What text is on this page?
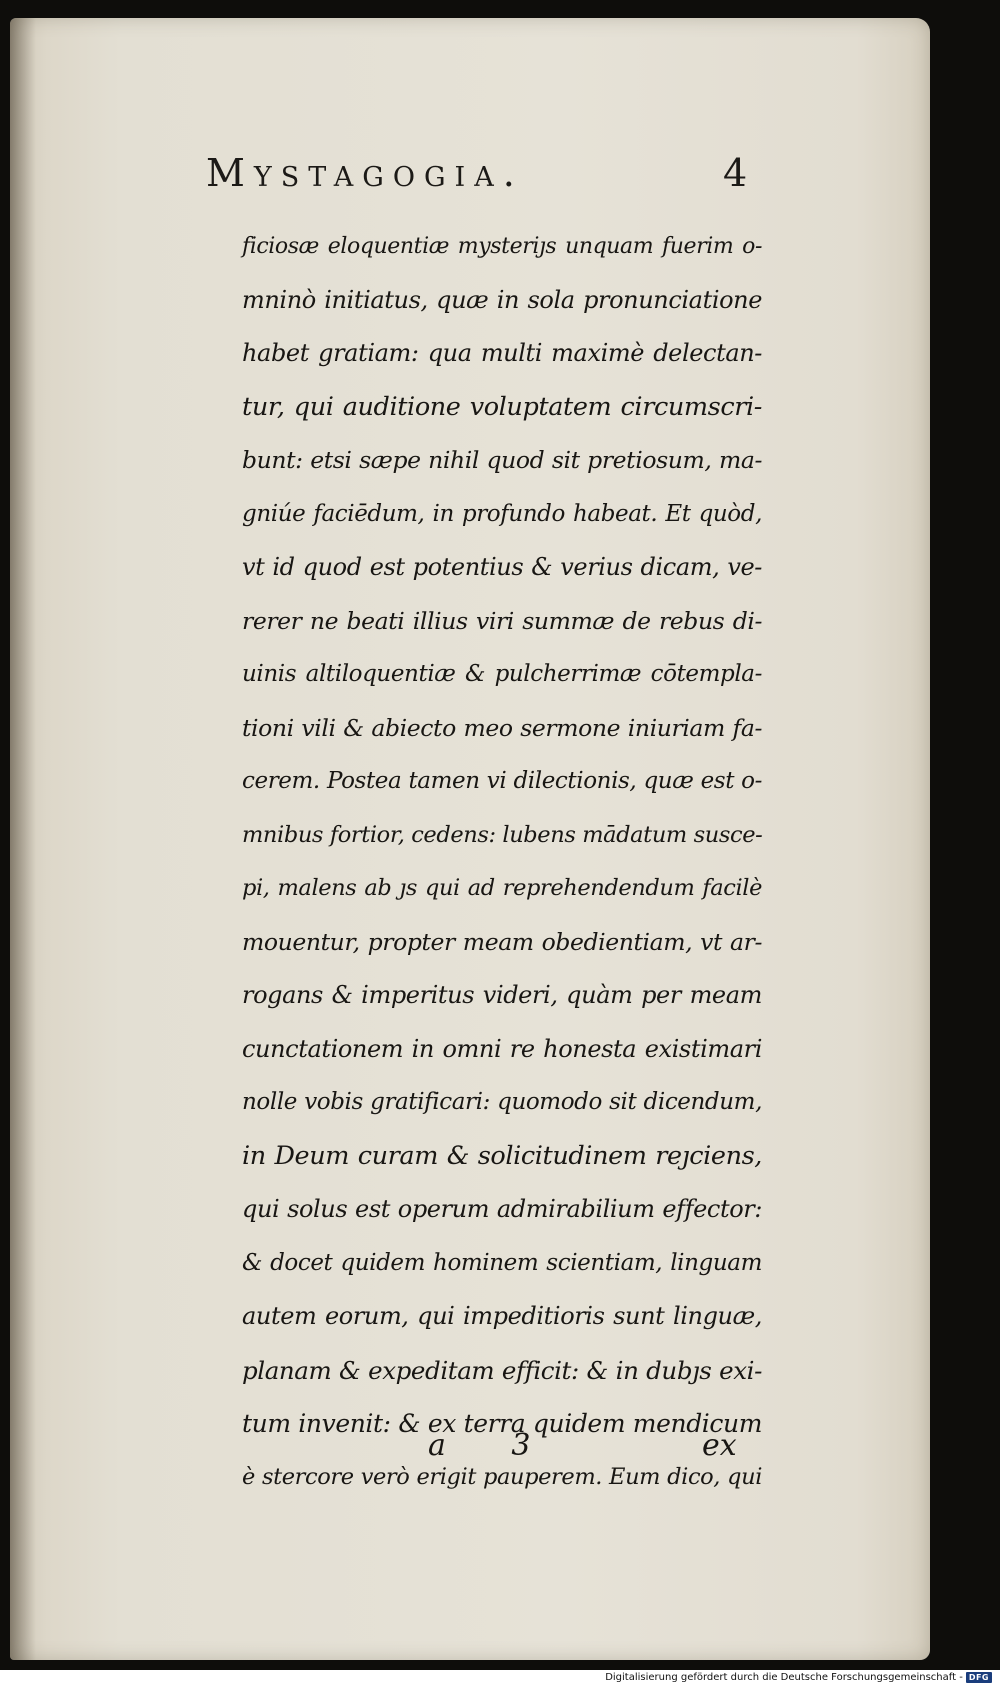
Mystagogia.	4
ficiosæ eloquentiæ mysteriȷs unquam fuerim o-
mninò initiatus, quæ in sola pronunciatione
habet gratiam: qua multi maximè delectan-
tur, qui auditione voluptatem circumscri-
bunt: etsi sæpe nihil quod sit pretiosum, ma-
gniúe faciēdum, in profundo habeat. Et quòd,
vt id quod est potentius & verius dicam, ve-
rerer ne beati illius viri summæ de rebus di-
uinis altiloquentiæ & pulcherrimæ cōtempla-
tioni vili & abiecto meo sermone iniuriam fa-
cerem. Postea tamen vi dilectionis, quæ est o-
mnibus fortior, cedens: lubens mādatum susce-
pi, malens ab ȷs qui ad reprehendendum facilè
mouentur, propter meam obedientiam, vt ar-
rogans & imperitus videri, quàm per meam
cunctationem in omni re honesta existimari
nolle vobis gratificari: quomodo sit dicendum,
in Deum curam & solicitudinem reȷciens,
qui solus est operum admirabilium effector:
& docet quidem hominem scientiam, linguam
autem eorum, qui impeditioris sunt linguæ,
planam & expeditam efficit: & in dubȷs exi-
tum invenit: & ex terra quidem mendicum
è stercore verò erigit pauperem. Eum dico, qui
a 3	ex
Digitalisierung gefördert durch die Deutsche Forschungsgemeinschaft - DFG
